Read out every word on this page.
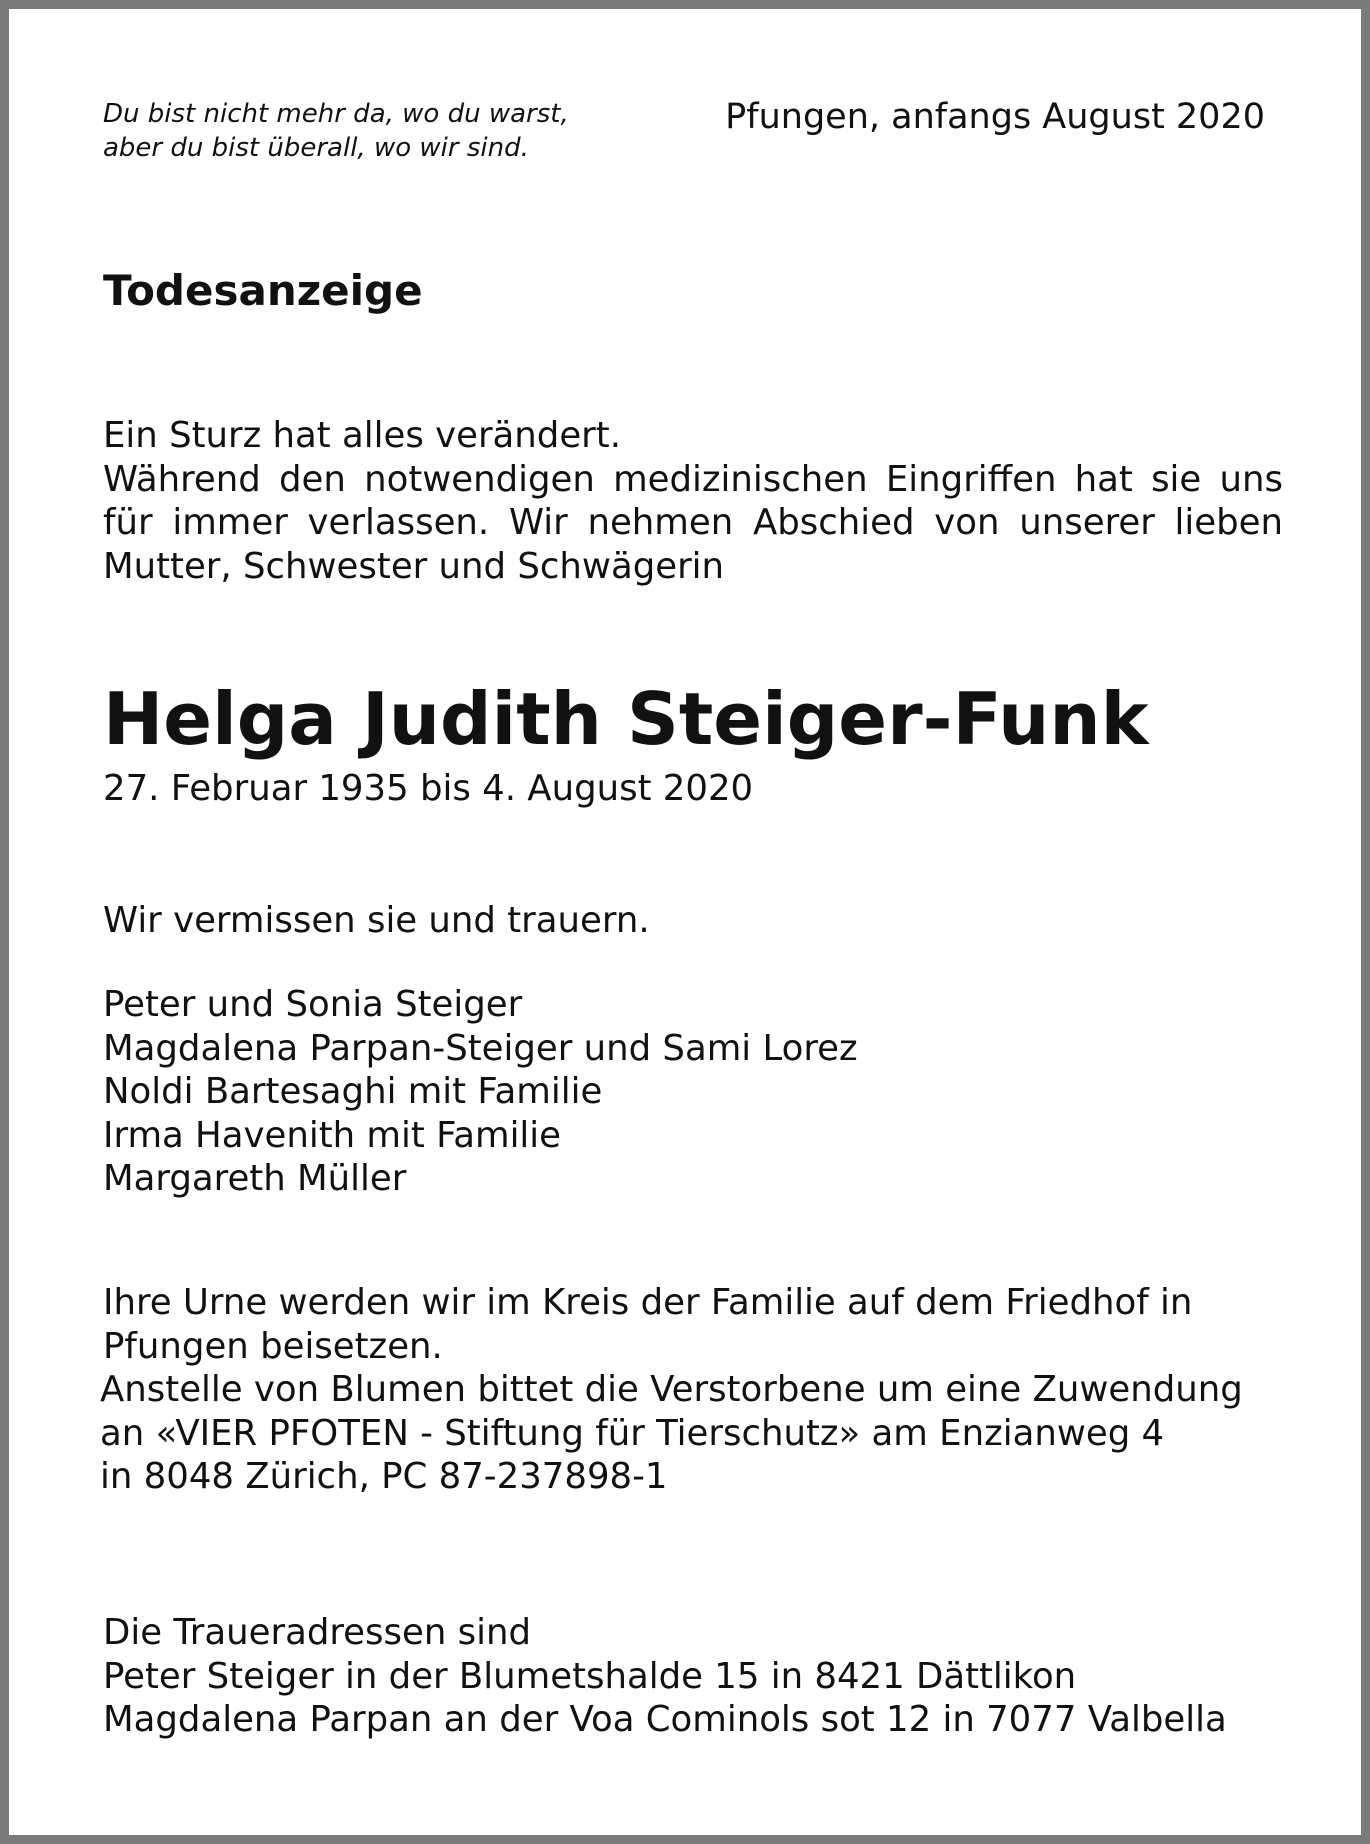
Du bist nicht mehr da, wo du warst,
aber du bist überall, wo wir sind.
Pfungen, anfangs August 2020
Todesanzeige
Ein Sturz hat alles verändert.
Während den notwendigen medizinischen Eingriffen hat sie uns für immer verlassen. Wir nehmen Abschied von unserer lieben Mutter, Schwester und Schwägerin
Helga Judith Steiger-Funk
27. Februar 1935 bis 4. August 2020
Wir vermissen sie und trauern.
Peter und Sonia Steiger
Magdalena Parpan-Steiger und Sami Lorez
Noldi Bartesaghi mit Familie
Irma Havenith mit Familie
Margareth Müller
Ihre Urne werden wir im Kreis der Familie auf dem Friedhof in Pfungen beisetzen.
Anstelle von Blumen bittet die Verstorbene um eine Zuwendung
an «VIER PFOTEN - Stiftung für Tierschutz» am Enzianweg 4
in 8048 Zürich, PC 87-237898-1
Die Traueradressen sind
Peter Steiger in der Blumetshalde 15 in 8421 Dättlikon
Magdalena Parpan an der Voa Cominols sot 12 in 7077 Valbella
